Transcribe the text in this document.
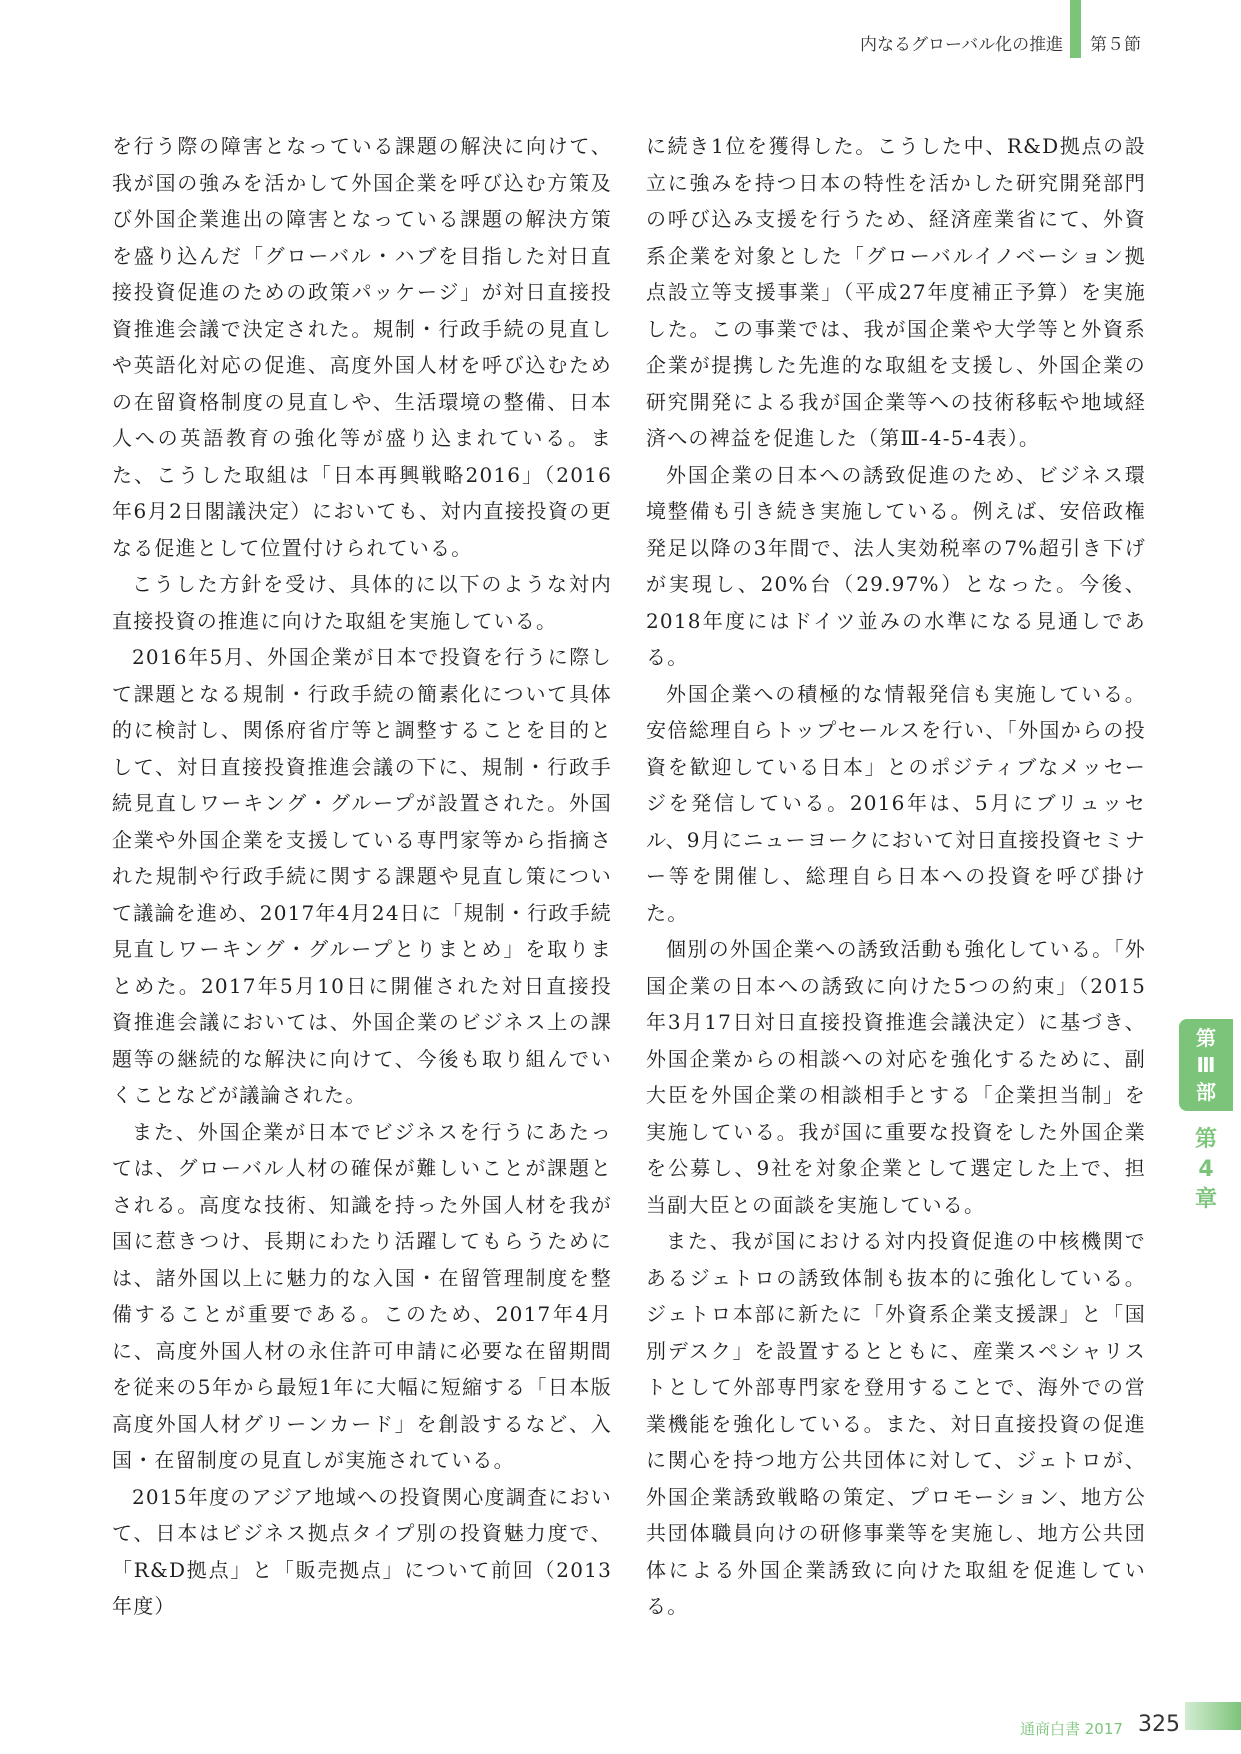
内なるグローバル化の推進 第５節

を行う際の障害となっている課題の解決に向けて、我が国の強みを活かして外国企業を呼び込む方策及び外国企業進出の障害となっている課題の解決方策を盛り込んだ「グローバル・ハブを目指した対日直接投資促進のための政策パッケージ」が対日直接投資推進会議で決定された。規制・行政手続の見直しや英語化対応の促進、高度外国人材を呼び込むための在留資格制度の見直しや、生活環境の整備、日本人への英語教育の強化等が盛り込まれている。また、こうした取組は「日本再興戦略2016」（2016年6月2日閣議決定）においても、対内直接投資の更なる促進として位置付けられている。

こうした方針を受け、具体的に以下のような対内直接投資の推進に向けた取組を実施している。

2016年5月、外国企業が日本で投資を行うに際して課題となる規制・行政手続の簡素化について具体的に検討し、関係府省庁等と調整することを目的として、対日直接投資推進会議の下に、規制・行政手続見直しワーキング・グループが設置された。外国企業や外国企業を支援している専門家等から指摘された規制や行政手続に関する課題や見直し策について議論を進め、2017年4月24日に「規制・行政手続見直しワーキング・グループとりまとめ」を取りまとめた。2017年5月10日に開催された対日直接投資推進会議においては、外国企業のビジネス上の課題等の継続的な解決に向けて、今後も取り組んでいくことなどが議論された。

また、外国企業が日本でビジネスを行うにあたっては、グローバル人材の確保が難しいことが課題とされる。高度な技術、知識を持った外国人材を我が国に惹きつけ、長期にわたり活躍してもらうためには、諸外国以上に魅力的な入国・在留管理制度を整備することが重要である。このため、2017年4月に、高度外国人材の永住許可申請に必要な在留期間を従来の5年から最短1年に大幅に短縮する「日本版高度外国人材グリーンカード」を創設するなど、入国・在留制度の見直しが実施されている。

2015年度のアジア地域への投資関心度調査において、日本はビジネス拠点タイプ別の投資魅力度で、「R&D拠点」と「販売拠点」について前回（2013年度）

に続き1位を獲得した。こうした中、R&D拠点の設立に強みを持つ日本の特性を活かした研究開発部門の呼び込み支援を行うため、経済産業省にて、外資系企業を対象とした「グローバルイノベーション拠点設立等支援事業」（平成27年度補正予算）を実施した。この事業では、我が国企業や大学等と外資系企業が提携した先進的な取組を支援し、外国企業の研究開発による我が国企業等への技術移転や地域経済への裨益を促進した（第Ⅲ-4-5-4表）。

外国企業の日本への誘致促進のため、ビジネス環境整備も引き続き実施している。例えば、安倍政権発足以降の3年間で、法人実効税率の7%超引き下げが実現し、20%台（29.97%）となった。今後、2018年度にはドイツ並みの水準になる見通しである。

外国企業への積極的な情報発信も実施している。安倍総理自らトップセールスを行い、「外国からの投資を歓迎している日本」とのポジティブなメッセージを発信している。2016年は、5月にブリュッセル、9月にニューヨークにおいて対日直接投資セミナー等を開催し、総理自ら日本への投資を呼び掛けた。

個別の外国企業への誘致活動も強化している。「外国企業の日本への誘致に向けた5つの約束」（2015年3月17日対日直接投資推進会議決定）に基づき、外国企業からの相談への対応を強化するために、副大臣を外国企業の相談相手とする「企業担当制」を実施している。我が国に重要な投資をした外国企業を公募し、9社を対象企業として選定した上で、担当副大臣との面談を実施している。

また、我が国における対内投資促進の中核機関であるジェトロの誘致体制も抜本的に強化している。ジェトロ本部に新たに「外資系企業支援課」と「国別デスク」を設置するとともに、産業スペシャリストとして外部専門家を登用することで、海外での営業機能を強化している。また、対日直接投資の促進に関心を持つ地方公共団体に対して、ジェトロが、外国企業誘致戦略の策定、プロモーション、地方公共団体職員向けの研修事業等を実施し、地方公共団体による外国企業誘致に向けた取組を促進している。

第
Ⅲ
部
第
4
章
通商白書 2017 325
